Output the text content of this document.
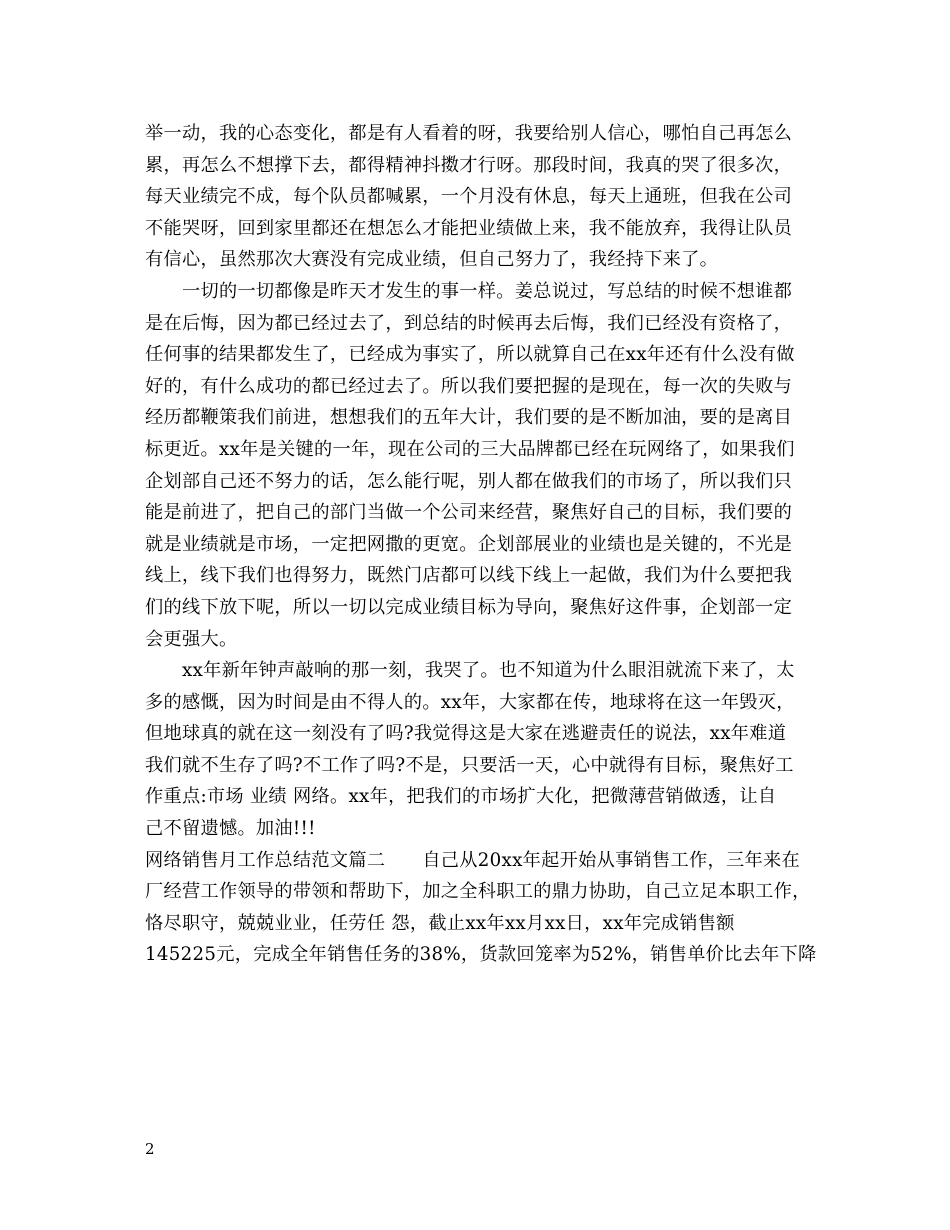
举一动，我的心态变化，都是有人看着的呀，我要给别人信心，哪怕自己再怎么
累，再怎么不想撑下去，都得精神抖擞才行呀。那段时间，我真的哭了很多次，
每天业绩完不成，每个队员都喊累，一个月没有休息，每天上通班，但我在公司
不能哭呀，回到家里都还在想怎么才能把业绩做上来，我不能放弃，我得让队员
有信心，虽然那次大赛没有完成业绩，但自己努力了，我经持下来了。
　　一切的一切都像是昨天才发生的事一样。姜总说过，写总结的时候不想谁都
是在后悔，因为都已经过去了，到总结的时候再去后悔，我们已经没有资格了，
任何事的结果都发生了，已经成为事实了，所以就算自己在xx年还有什么没有做
好的，有什么成功的都已经过去了。所以我们要把握的是现在，每一次的失败与
经历都鞭策我们前进，想想我们的五年大计，我们要的是不断加油，要的是离目
标更近。xx年是关键的一年，现在公司的三大品牌都已经在玩网络了，如果我们
企划部自己还不努力的话，怎么能行呢，别人都在做我们的市场了，所以我们只
能是前进了，把自己的部门当做一个公司来经营，聚焦好自己的目标，我们要的
就是业绩就是市场，一定把网撒的更宽。企划部展业的业绩也是关键的，不光是
线上，线下我们也得努力，既然门店都可以线下线上一起做，我们为什么要把我
们的线下放下呢，所以一切以完成业绩目标为导向，聚焦好这件事，企划部一定
会更强大。
　　xx年新年钟声敲响的那一刻，我哭了。也不知道为什么眼泪就流下来了，太
多的感慨，因为时间是由不得人的。xx年，大家都在传，地球将在这一年毁灭，
但地球真的就在这一刻没有了吗?我觉得这是大家在逃避责任的说法，xx年难道
我们就不生存了吗?不工作了吗?不是，只要活一天，心中就得有目标，聚焦好工
作重点:市场 业绩 网络。xx年，把我们的市场扩大化，把微薄营销做透，让自
己不留遗憾。加油!!!
网络销售月工作总结范文篇二　　自己从20xx年起开始从事销售工作，三年来在
厂经营工作领导的带领和帮助下，加之全科职工的鼎力协助，自己立足本职工作，
恪尽职守，兢兢业业，任劳任 怨，截止xx年xx月xx日，xx年完成销售额
145225元，完成全年销售任务的38%，货款回笼率为52%，销售单价比去年下降
2
